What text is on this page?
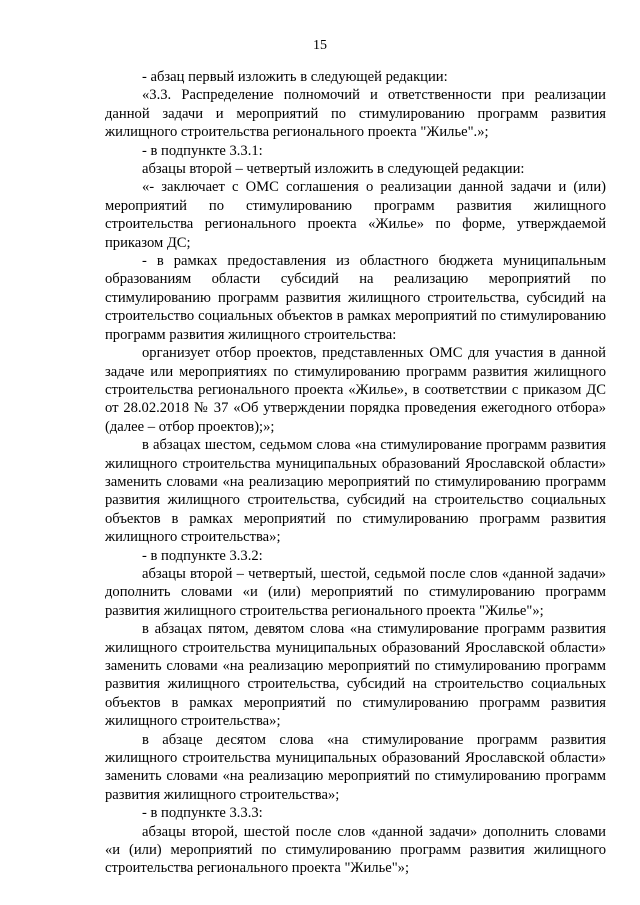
15

- абзац первый изложить в следующей редакции:

«3.3. Распределение полномочий и ответственности при реализации данной задачи и мероприятий по стимулированию программ развития жилищного строительства регионального проекта "Жилье".»;

- в подпункте 3.3.1:

абзацы второй – четвертый изложить в следующей редакции:

«- заключает с ОМС соглашения о реализации данной задачи и (или) мероприятий по стимулированию программ развития жилищного строительства регионального проекта «Жилье» по форме, утверждаемой приказом ДС;

- в рамках предоставления из областного бюджета муниципальным образованиям области субсидий на реализацию мероприятий по стимулированию программ развития жилищного строительства, субсидий на строительство социальных объектов в рамках мероприятий по стимулированию программ развития жилищного строительства:

организует отбор проектов, представленных ОМС для участия в данной задаче или мероприятиях по стимулированию программ развития жилищного строительства регионального проекта «Жилье», в соответствии с приказом ДС от 28.02.2018 № 37 «Об утверждении порядка проведения ежегодного отбора» (далее – отбор проектов);»;

в абзацах шестом, седьмом слова «на стимулирование программ развития жилищного строительства муниципальных образований Ярославской области» заменить словами «на реализацию мероприятий по стимулированию программ развития жилищного строительства, субсидий на строительство социальных объектов в рамках мероприятий по стимулированию программ развития жилищного строительства»;

- в подпункте 3.3.2:

абзацы второй – четвертый, шестой, седьмой после слов «данной задачи» дополнить словами «и (или) мероприятий по стимулированию программ развития жилищного строительства регионального проекта "Жилье"»;

в абзацах пятом, девятом слова «на стимулирование программ развития жилищного строительства муниципальных образований Ярославской области» заменить словами «на реализацию мероприятий по стимулированию программ развития жилищного строительства, субсидий на строительство социальных объектов в рамках мероприятий по стимулированию программ развития жилищного строительства»;

в абзаце десятом слова «на стимулирование программ развития жилищного строительства муниципальных образований Ярославской области» заменить словами «на реализацию мероприятий по стимулированию программ развития жилищного строительства»;

- в подпункте 3.3.3:

абзацы второй, шестой после слов «данной задачи» дополнить словами «и (или) мероприятий по стимулированию программ развития жилищного строительства регионального проекта "Жилье"»;
